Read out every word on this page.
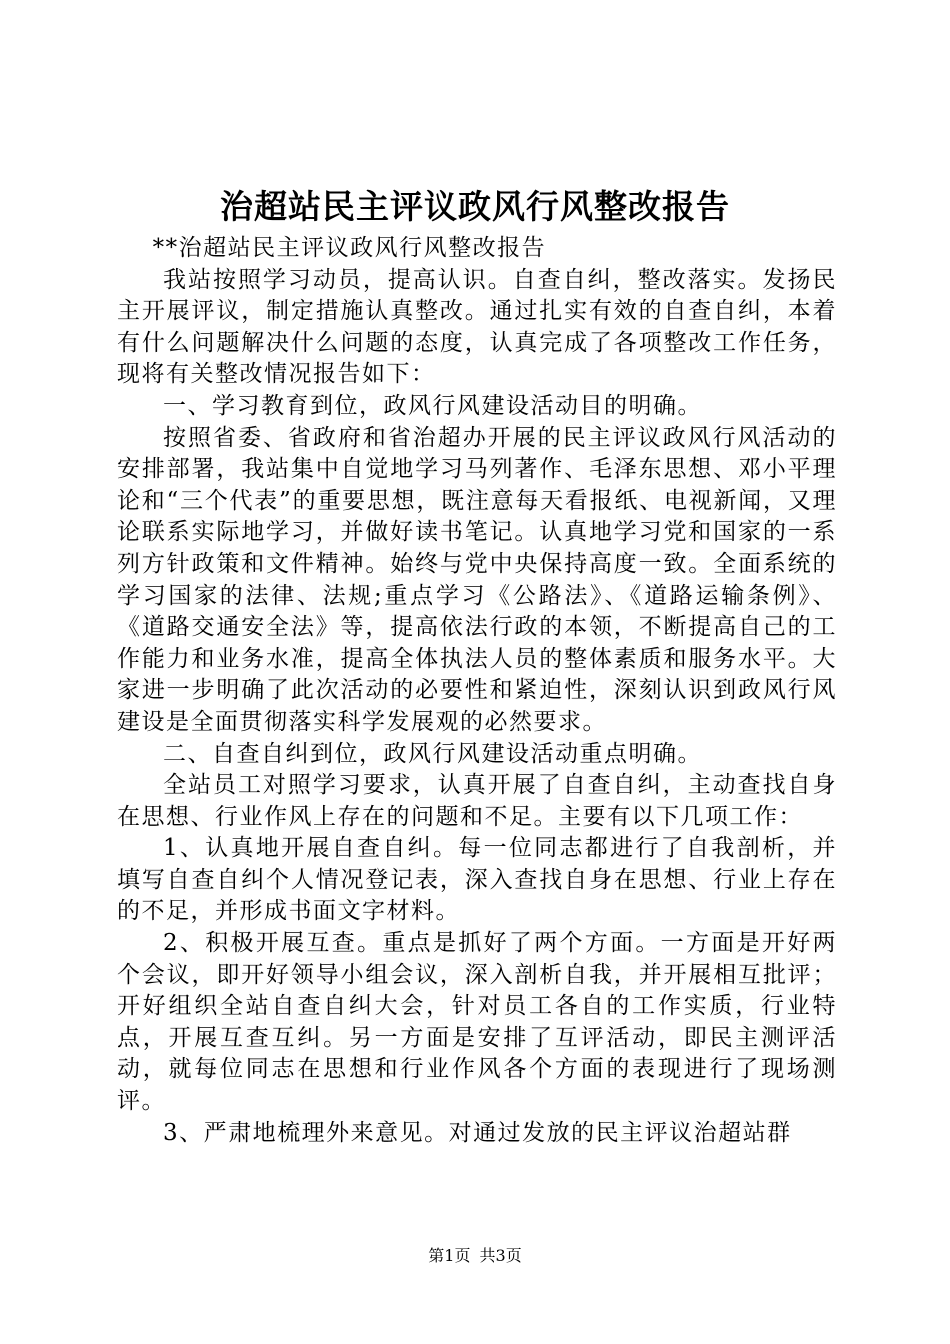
治超站民主评议政风行风整改报告

**治超站民主评议政风行风整改报告

我站按照学习动员，提高认识。自查自纠，整改落实。发扬民主开展评议，制定措施认真整改。通过扎实有效的自查自纠，本着有什么问题解决什么问题的态度，认真完成了各项整改工作任务，现将有关整改情况报告如下：

一、学习教育到位，政风行风建设活动目的明确。

按照省委、省政府和省治超办开展的民主评议政风行风活动的安排部署，我站集中自觉地学习马列著作、毛泽东思想、邓小平理论和“三个代表”的重要思想，既注意每天看报纸、电视新闻，又理论联系实际地学习，并做好读书笔记。认真地学习党和国家的一系列方针政策和文件精神。始终与党中央保持高度一致。全面系统的学习国家的法律、法规;重点学习《公路法》、《道路运输条例》、《道路交通安全法》等，提高依法行政的本领，不断提高自己的工作能力和业务水准，提高全体执法人员的整体素质和服务水平。大家进一步明确了此次活动的必要性和紧迫性，深刻认识到政风行风建设是全面贯彻落实科学发展观的必然要求。

二、自查自纠到位，政风行风建设活动重点明确。

全站员工对照学习要求，认真开展了自查自纠，主动查找自身在思想、行业作风上存在的问题和不足。主要有以下几项工作：

1、认真地开展自查自纠。每一位同志都进行了自我剖析，并填写自查自纠个人情况登记表，深入查找自身在思想、行业上存在的不足，并形成书面文字材料。

2、积极开展互查。重点是抓好了两个方面。一方面是开好两个会议，即开好领导小组会议，深入剖析自我，并开展相互批评；开好组织全站自查自纠大会，针对员工各自的工作实质，行业特点，开展互查互纠。另一方面是安排了互评活动，即民主测评活动，就每位同志在思想和行业作风各个方面的表现进行了现场测评。

3、严肃地梳理外来意见。对通过发放的民主评议治超站群

第1页 共3页
